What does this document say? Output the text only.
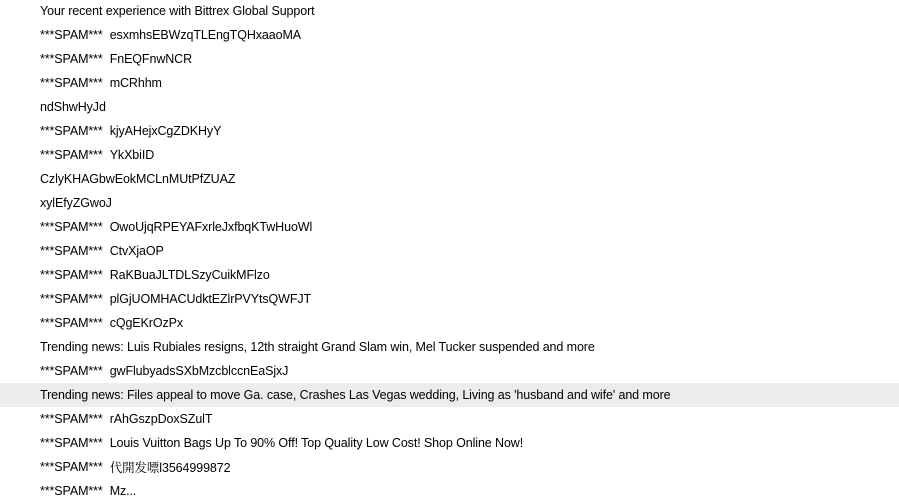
Your recent experience with Bittrex Global Support
***SPAM*** esxmhsEBWzqTLEngTQHxaaoMA
***SPAM*** FnEQFnwNCR
***SPAM*** mCRhhm
ndShwHyJd
***SPAM*** kjyAHejxCgZDKHyY
***SPAM*** YkXbiID
CzlyKHAGbwEokMCLnMUtPfZUAZ
xylEfyZGwoJ
***SPAM*** OwoUjqRPEYAFxrleJxfbqKTwHuoWl
***SPAM*** CtvXjaOP
***SPAM*** RaKBuaJLTDLSzyCuikMFlzo
***SPAM*** plGjUOMHACUdktEZlrPVYtsQWFJT
***SPAM*** cQgEKrOzPx
Trending news: Luis Rubiales resigns, 12th straight Grand Slam win, Mel Tucker suspended and more
***SPAM*** gwFlubyadsSXbMzcblccnEaSjxJ
Trending news: Files appeal to move Ga. case, Crashes Las Vegas wedding, Living as 'husband and wife' and more
***SPAM*** rAhGszpDoxSZulT
***SPAM*** Louis Vuitton Bags Up To 90% Off! Top Quality Low Cost! Shop Online Now!
***SPAM*** 代開发嘌l3564999872
***SPAM*** Mz...
